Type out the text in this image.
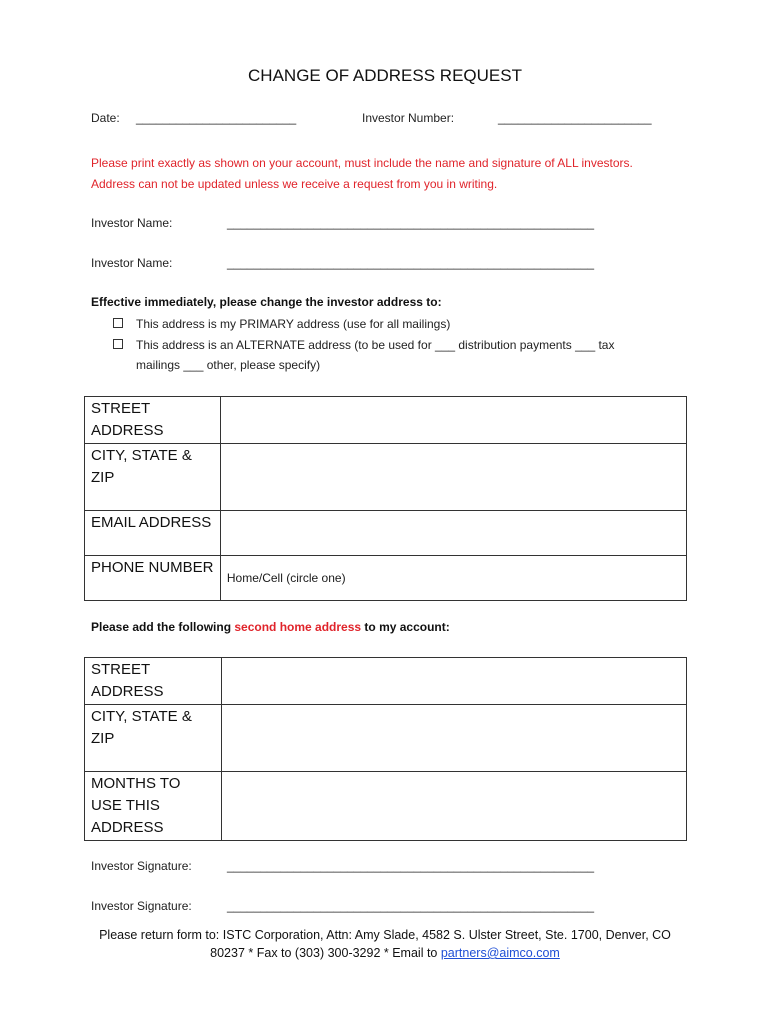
CHANGE OF ADDRESS REQUEST
Date: ________________________	Investor Number:	_______________________
Please print exactly as shown on your account, must include the name and signature of ALL investors.
Address can not be updated unless we receive a request from you in writing.
Investor Name:	_______________________________________________________
Investor Name:	_______________________________________________________
Effective immediately, please change the investor address to:
This address is my PRIMARY address (use for all mailings)
This address is an ALTERNATE address (to be used for ___ distribution payments ___ tax
mailings ___ other, please specify)
STREET ADDRESS	
CITY, STATE & ZIP	
EMAIL ADDRESS	
PHONE NUMBER	Home/Cell (circle one)
Please add the following second home address to my account:
STREET ADDRESS	
CITY, STATE & ZIP	
MONTHS TO USE THIS ADDRESS	
Investor Signature:	_______________________________________________________
Investor Signature:	_______________________________________________________
Please return form to: ISTC Corporation, Attn: Amy Slade, 4582 S. Ulster Street, Ste. 1700, Denver, CO
80237 * Fax to (303) 300-3292 * Email to partners@aimco.com
